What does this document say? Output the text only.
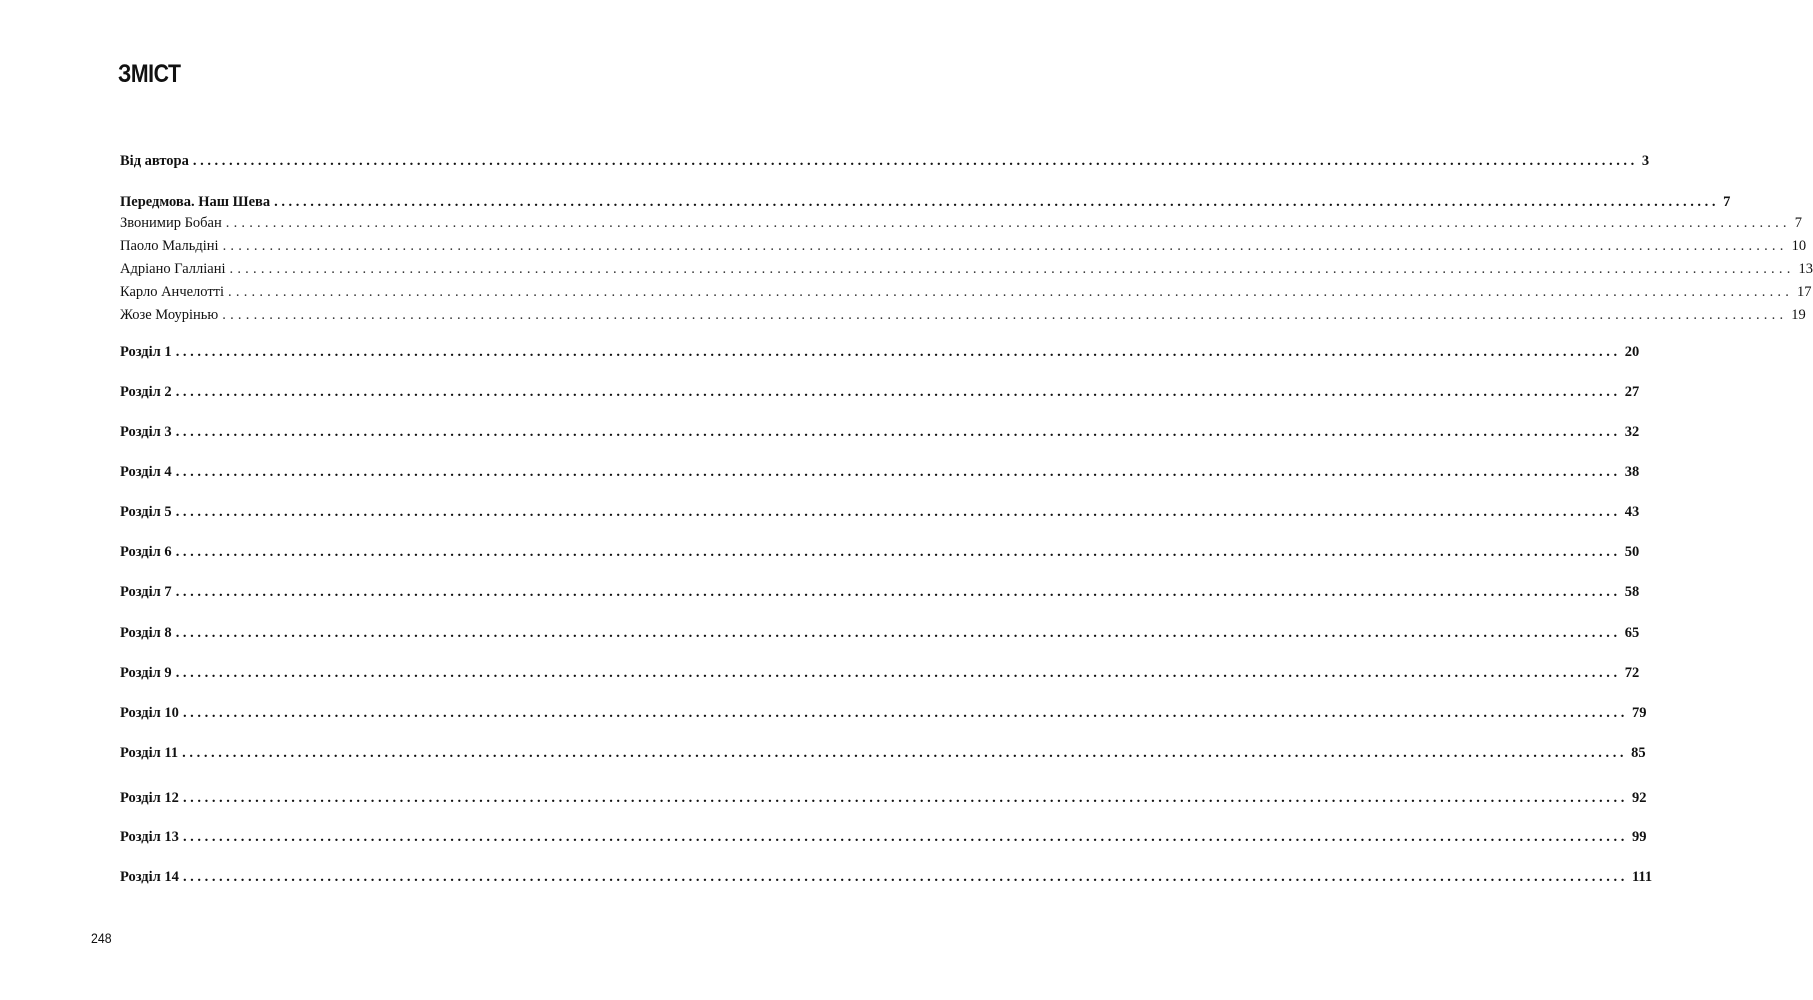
ЗМІСТ
Від автора ........................................................................................................................................................................................................ 3
Передмова. Наш Шева ........................................................................................................................................................................................................ 7
Звонимир Бобан ........................................................................................................................................................................................................ 7
Паоло Мальдіні ........................................................................................................................................................................................................ 10
Адріано Галліані ........................................................................................................................................................................................................ 13
Карло Анчелотті ........................................................................................................................................................................................................ 17
Жозе Моурінью ........................................................................................................................................................................................................ 19
Розділ 1 ........................................................................................................................................................................................................ 20
Розділ 2 ........................................................................................................................................................................................................ 27
Розділ 3 ........................................................................................................................................................................................................ 32
Розділ 4 ........................................................................................................................................................................................................ 38
Розділ 5 ........................................................................................................................................................................................................ 43
Розділ 6 ........................................................................................................................................................................................................ 50
Розділ 7 ........................................................................................................................................................................................................ 58
Розділ 8 ........................................................................................................................................................................................................ 65
Розділ 9 ........................................................................................................................................................................................................ 72
Розділ 10 ........................................................................................................................................................................................................ 79
Розділ 11 ........................................................................................................................................................................................................ 85
Розділ 12 ........................................................................................................................................................................................................ 92
Розділ 13 ........................................................................................................................................................................................................ 99
Розділ 14 ........................................................................................................................................................................................................ 111
248
